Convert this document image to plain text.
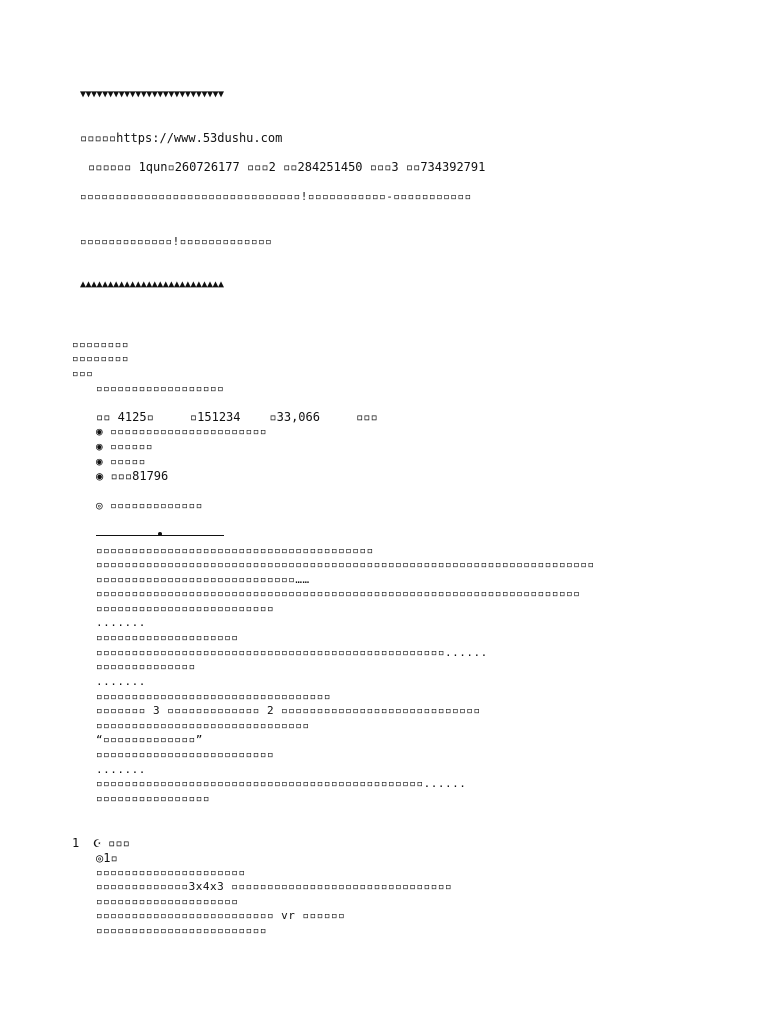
▼▼▼▼▼▼▼▼▼▼▼▼▼▼▼▼▼▼▼▼▼▼▼▼▼▼
▫▫▫▫▫https://www.53dushu.com
▫▫▫▫▫▫ 1qun▫260726177 ▫▫▫2 ▫▫284251450 ▫▫▫3 ▫▫734392791
▫▫▫▫▫▫▫▫▫▫▫▫▫▫▫▫▫▫▫▫▫▫▫▫▫▫▫▫▫▫▫!▫▫▫▫▫▫▫▫▫▫▫-▫▫▫▫▫▫▫▫▫▫▫
▫▫▫▫▫▫▫▫▫▫▫▫▫!▫▫▫▫▫▫▫▫▫▫▫▫▫
▲▲▲▲▲▲▲▲▲▲▲▲▲▲▲▲▲▲▲▲▲▲▲▲▲▲
▫▫▫▫▫▫▫▫
▫▫▫▫▫▫▫▫
▫▫▫
▫▫▫▫▫▫▫▫▫▫▫▫▫▫▫▫▫▫
▫▫ 4125▫     ▫151234    ▫33,066     ▫▫▫
◉ ▫▫▫▫▫▫▫▫▫▫▫▫▫▫▫▫▫▫▫▫▫▫
◉ ▫▫▫▫▫▫
◉ ▫▫▫▫▫
◉ ▫▫▫81796
◎ ▫▫▫▫▫▫▫▫▫▫▫▫▫
▫▫▫▫▫▫▫▫▫▫▫▫▫▫▫▫▫▫▫▫▫▫▫▫▫▫▫▫▫▫▫▫▫▫▫▫▫▫▫
▫▫▫▫▫▫▫▫▫▫▫▫▫▫▫▫▫▫▫▫▫▫▫▫▫▫▫▫▫▫▫▫▫▫▫▫▫▫▫▫▫▫▫▫▫▫▫▫▫▫▫▫▫▫▫▫▫▫▫▫▫▫▫▫▫▫▫▫▫▫
▫▫▫▫▫▫▫▫▫▫▫▫▫▫▫▫▫▫▫▫▫▫▫▫▫▫▫▫……
▫▫▫▫▫▫▫▫▫▫▫▫▫▫▫▫▫▫▫▫▫▫▫▫▫▫▫▫▫▫▫▫▫▫▫▫▫▫▫▫▫▫▫▫▫▫▫▫▫▫▫▫▫▫▫▫▫▫▫▫▫▫▫▫▫▫▫▫
▫▫▫▫▫▫▫▫▫▫▫▫▫▫▫▫▫▫▫▫▫▫▫▫▫
.......
▫▫▫▫▫▫▫▫▫▫▫▫▫▫▫▫▫▫▫▫
▫▫▫▫▫▫▫▫▫▫▫▫▫▫▫▫▫▫▫▫▫▫▫▫▫▫▫▫▫▫▫▫▫▫▫▫▫▫▫▫▫▫▫▫▫▫▫▫▫......
▫▫▫▫▫▫▫▫▫▫▫▫▫▫
.......
▫▫▫▫▫▫▫▫▫▫▫▫▫▫▫▫▫▫▫▫▫▫▫▫▫▫▫▫▫▫▫▫▫
▫▫▫▫▫▫▫ 3 ▫▫▫▫▫▫▫▫▫▫▫▫▫ 2 ▫▫▫▫▫▫▫▫▫▫▫▫▫▫▫▫▫▫▫▫▫▫▫▫▫▫▫▫
▫▫▫▫▫▫▫▫▫▫▫▫▫▫▫▫▫▫▫▫▫▫▫▫▫▫▫▫▫▫
“▫▫▫▫▫▫▫▫▫▫▫▫▫”
▫▫▫▫▫▫▫▫▫▫▫▫▫▫▫▫▫▫▫▫▫▫▫▫▫
.......
▫▫▫▫▫▫▫▫▫▫▫▫▫▫▫▫▫▫▫▫▫▫▫▫▫▫▫▫▫▫▫▫▫▫▫▫▫▫▫▫▫▫▫▫▫▫......
▫▫▫▫▫▫▫▫▫▫▫▫▫▫▫▫
1  ☪ ▫▫▫
◎1▫
▫▫▫▫▫▫▫▫▫▫▫▫▫▫▫▫▫▫▫▫▫
▫▫▫▫▫▫▫▫▫▫▫▫▫3x4x3 ▫▫▫▫▫▫▫▫▫▫▫▫▫▫▫▫▫▫▫▫▫▫▫▫▫▫▫▫▫▫▫
▫▫▫▫▫▫▫▫▫▫▫▫▫▫▫▫▫▫▫▫
▫▫▫▫▫▫▫▫▫▫▫▫▫▫▫▫▫▫▫▫▫▫▫▫▫ vr ▫▫▫▫▫▫
▫▫▫▫▫▫▫▫▫▫▫▫▫▫▫▫▫▫▫▫▫▫▫▫
